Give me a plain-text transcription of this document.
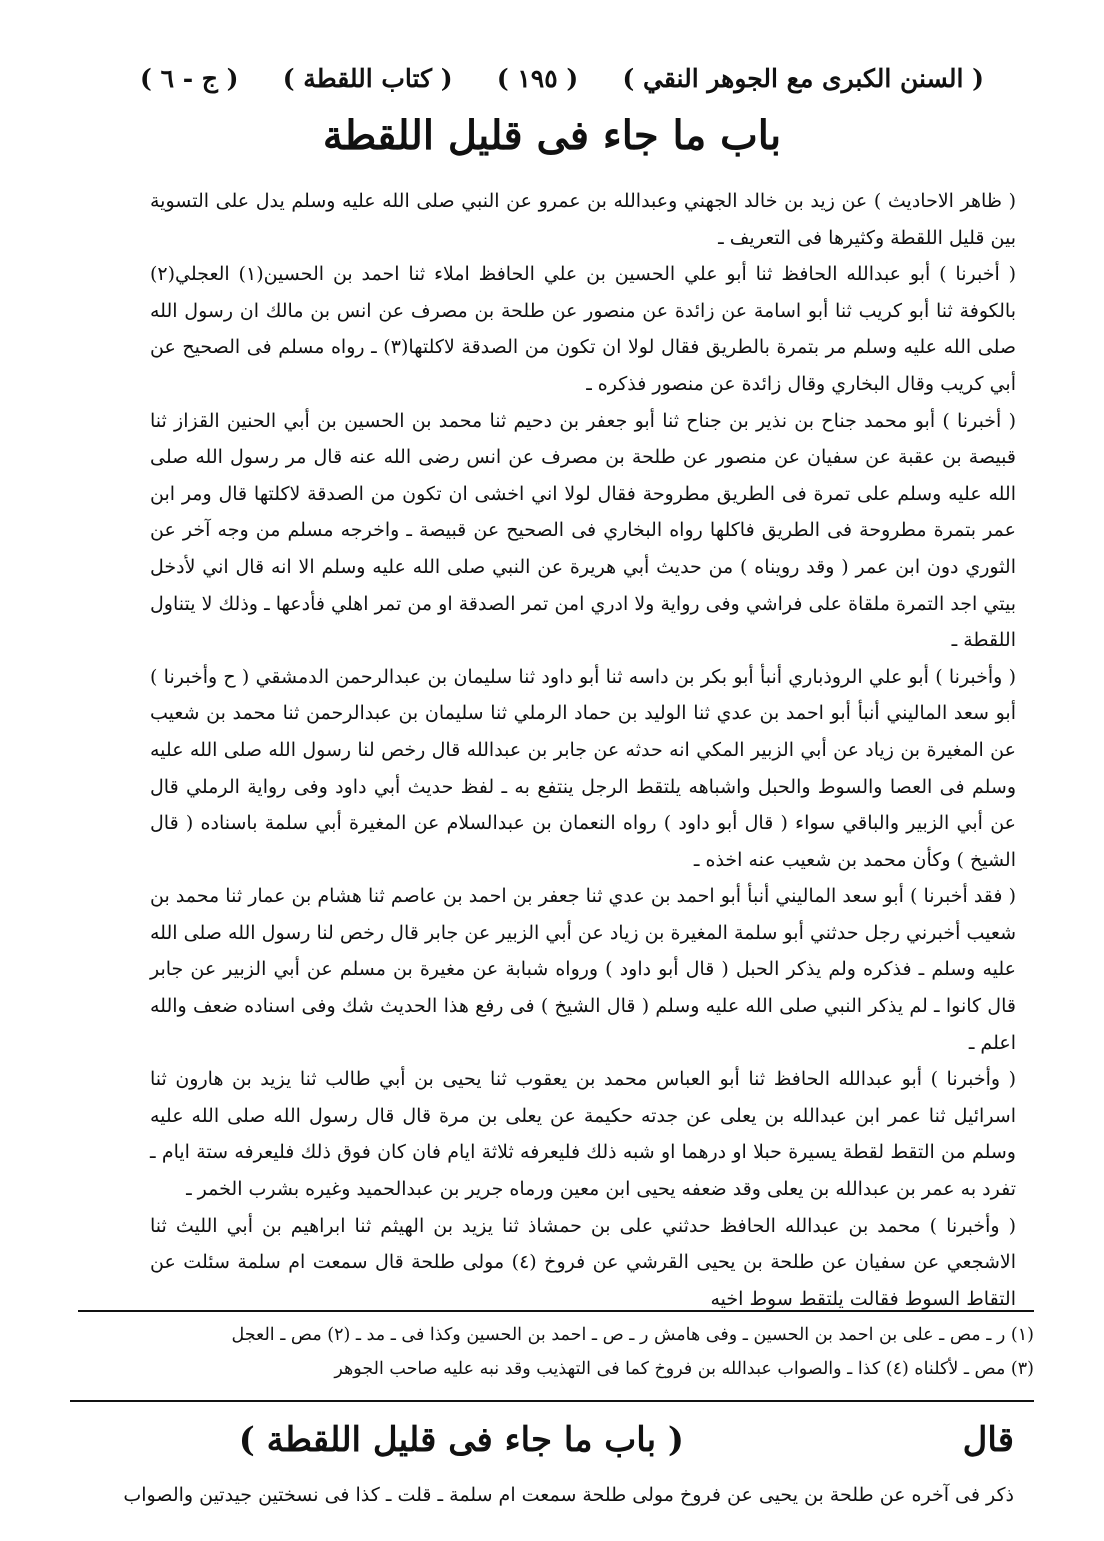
( السنن الكبرى مع الجوهر النقي )
( ١٩٥ )
( كتاب اللقطة )
( ج - ٦ )
باب ما جاء فى قليل اللقطة

( ظاهر الاحاديث ) عن زيد بن خالد الجهني وعبدالله بن عمرو عن النبي صلى الله عليه وسلم يدل على التسوية بين قليل اللقطة وكثيرها فى التعريف ـ

( أخبرنا ) أبو عبدالله الحافظ ثنا أبو علي الحسين بن علي الحافظ املاء ثنا احمد بن الحسين(١) العجلي(٢) بالكوفة ثنا أبو كريب ثنا أبو اسامة عن زائدة عن منصور عن طلحة بن مصرف عن انس بن مالك ان رسول الله صلى الله عليه وسلم مر بتمرة بالطريق فقال لولا ان تكون من الصدقة لاكلتها(٣) ـ رواه مسلم فى الصحيح عن أبي كريب وقال البخاري وقال زائدة عن منصور فذكره ـ

( أخبرنا ) أبو محمد جناح بن نذير بن جناح ثنا أبو جعفر بن دحيم ثنا محمد بن الحسين بن أبي الحنين القزاز ثنا قبيصة بن عقبة عن سفيان عن منصور عن طلحة بن مصرف عن انس رضى الله عنه قال مر رسول الله صلى الله عليه وسلم على تمرة فى الطريق مطروحة فقال لولا اني اخشى ان تكون من الصدقة لاكلتها قال ومر ابن عمر بتمرة مطروحة فى الطريق فاكلها رواه البخاري فى الصحيح عن قبيصة ـ واخرجه مسلم من وجه آخر عن الثوري دون ابن عمر ( وقد رويناه ) من حديث أبي هريرة عن النبي صلى الله عليه وسلم الا انه قال اني لأدخل بيتي اجد التمرة ملقاة على فراشي وفى رواية ولا ادري امن تمر الصدقة او من تمر اهلي فأدعها ـ وذلك لا يتناول اللقطة ـ

( وأخبرنا ) أبو علي الروذباري أنبأ أبو بكر بن داسه ثنا أبو داود ثنا سليمان بن عبدالرحمن الدمشقي ( ح وأخبرنا ) أبو سعد الماليني أنبأ أبو احمد بن عدي ثنا الوليد بن حماد الرملي ثنا سليمان بن عبدالرحمن ثنا محمد بن شعيب عن المغيرة بن زياد عن أبي الزبير المكي انه حدثه عن جابر بن عبدالله قال رخص لنا رسول الله صلى الله عليه وسلم فى العصا والسوط والحبل واشباهه يلتقط الرجل ينتفع به ـ لفظ حديث أبي داود وفى رواية الرملي قال عن أبي الزبير والباقي سواء ( قال أبو داود ) رواه النعمان بن عبدالسلام عن المغيرة أبي سلمة باسناده ( قال الشيخ ) وكأن محمد بن شعيب عنه اخذه ـ

( فقد أخبرنا ) أبو سعد الماليني أنبأ أبو احمد بن عدي ثنا جعفر بن احمد بن عاصم ثنا هشام بن عمار ثنا محمد بن شعيب أخبرني رجل حدثني أبو سلمة المغيرة بن زياد عن أبي الزبير عن جابر قال رخص لنا رسول الله صلى الله عليه وسلم ـ فذكره ولم يذكر الحبل ( قال أبو داود ) ورواه شبابة عن مغيرة بن مسلم عن أبي الزبير عن جابر قال كانوا ـ لم يذكر النبي صلى الله عليه وسلم ( قال الشيخ ) فى رفع هذا الحديث شك وفى اسناده ضعف والله اعلم ـ

( وأخبرنا ) أبو عبدالله الحافظ ثنا أبو العباس محمد بن يعقوب ثنا يحيى بن أبي طالب ثنا يزيد بن هارون ثنا اسرائيل ثنا عمر ابن عبدالله بن يعلى عن جدته حكيمة عن يعلى بن مرة قال قال رسول الله صلى الله عليه وسلم من التقط لقطة يسيرة حبلا او درهما او شبه ذلك فليعرفه ثلاثة ايام فان كان فوق ذلك فليعرفه ستة ايام ـ تفرد به عمر بن عبدالله بن يعلى وقد ضعفه يحيى ابن معين ورماه جرير بن عبدالحميد وغيره بشرب الخمر ـ

( وأخبرنا ) محمد بن عبدالله الحافظ حدثني على بن حمشاذ ثنا يزيد بن الهيثم ثنا ابراهيم بن أبي الليث ثنا الاشجعي عن سفيان عن طلحة بن يحيى القرشي عن فروخ (٤) مولى طلحة قال سمعت ام سلمة سئلت عن التقاط السوط فقالت يلتقط سوط اخيه

(١) ر ـ مص ـ على بن احمد بن الحسين ـ وفى هامش ر ـ ص ـ احمد بن الحسين وكذا فى ـ مد ـ (٢) مص ـ العجل

(٣) مص ـ لأكلناه (٤) كذا ـ والصواب عبدالله بن فروخ كما فى التهذيب وقد نبه عليه صاحب الجوهر

قال
( باب ما جاء فى قليل اللقطة )
ذكر فى آخره عن طلحة بن يحيى عن فروخ مولى طلحة سمعت ام سلمة ـ قلت ـ كذا فى نسختين جيدتين والصواب
